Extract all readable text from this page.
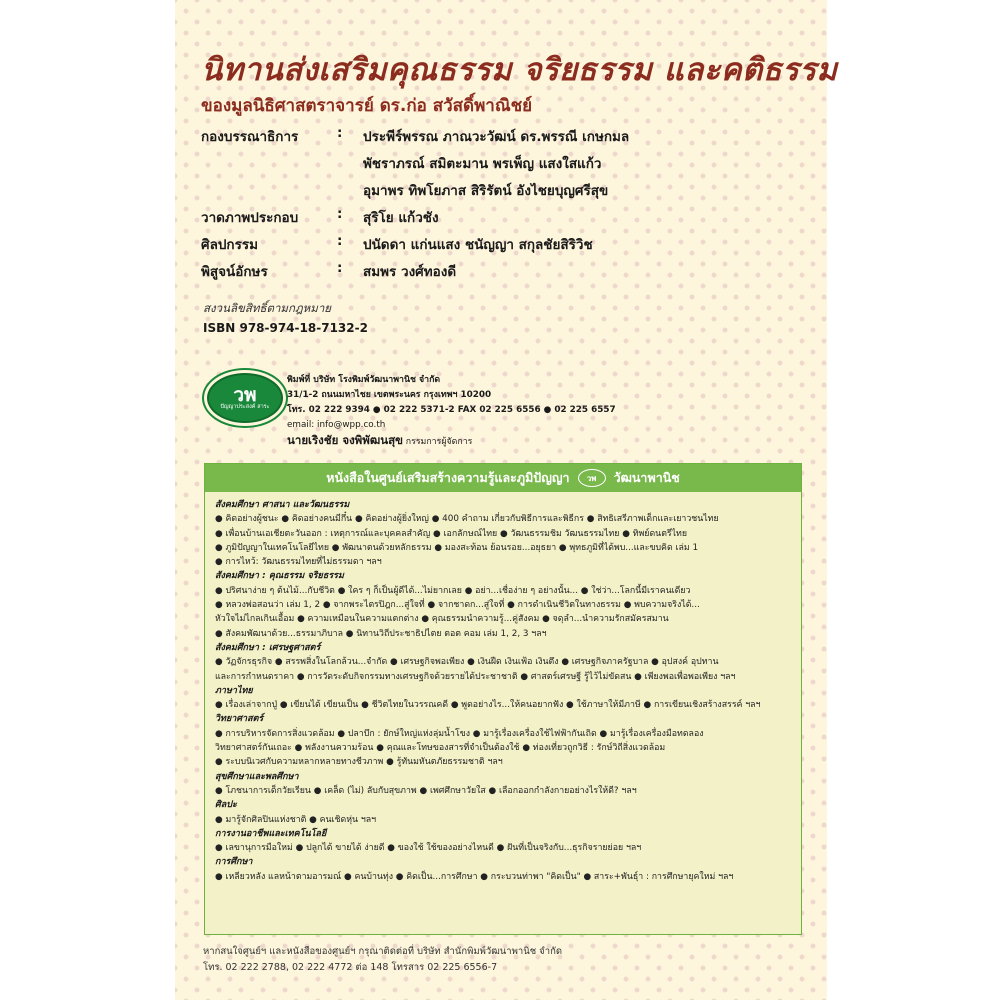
นิทานส่งเสริมคุณธรรม จริยธรรม และคติธรรม
ของมูลนิธิศาสตราจารย์ ดร.ก่อ สวัสดิ์พาณิชย์
กองบรรณาธิการ	: ประพีร์พรรณ ภาณวะวัฒน์ ดร.พรรณี เกษกมล
พัชราภรณ์ สมิตะมาน พรเพ็ญ แสงใสแก้ว
อุมาพร ทิพโยภาส สิริรัตน์ อังไชยบุญศรีสุข
วาดภาพประกอบ	: สุริโย แก้วชัง
ศิลปกรรม	: ปนัดดา แก่นแสง ชนัญญา สกุลชัยสิริวิช
พิสูจน์อักษร	: สมพร วงศ์ทองดี
สงวนลิขสิทธิ์ตามกฎหมาย
ISBN 978-974-18-7132-2
วพ
ปัญญาประสงค์ สาระ
พิมพ์ที่ บริษัท โรงพิมพ์วัฒนาพานิช จำกัด
31/1-2 ถนนมหาไชย เขตพระนคร กรุงเทพฯ 10200
โทร. 02 222 9394 ● 02 222 5371-2 FAX 02 225 6556 ● 02 225 6557
email: info@wpp.co.th
นายเริงชัย จงพิพัฒนสุข กรรมการผู้จัดการ
หนังสือในศูนย์เสริมสร้างความรู้และภูมิปัญญา	วพ	วัฒนาพานิช
สังคมศึกษา ศาสนา และวัฒนธรรม
● คิดอย่างผู้ชนะ ● คิดอย่างคนมีกึ๋น ● คิดอย่างผู้ยิ่งใหญ่ ● 400 คำถาม เกี่ยวกับพิธีการและพิธีกร ● สิทธิเสรีภาพเด็กและเยาวชนไทย
● เพื่อนบ้านเอเชียตะวันออก : เหตุการณ์และบุคคลสำคัญ ● เอกลักษณ์ไทย ● วัฒนธรรมชิม วัฒนธรรมไทย ● ทิพย์ดนตรีไทย
● ภูมิปัญญาในเทคโนโลยีไทย ● พัฒนาตนด้วยหลักธรรม ● มองสะท้อน ย้อนรอย...อยุธยา ● พุทธภูมิที่ได้พบ...และขบคิด เล่ม 1
● การไหว้: วัฒนธรรมไทยที่ไม่ธรรมดา ฯลฯ
สังคมศึกษา : คุณธรรม จริยธรรม
● ปริศนาง่าย ๆ ต้นไม้...กับชีวิต ● ใคร ๆ ก็เป็นผู้ดีได้...ไม่ยากเลย ● อย่า...เชื่อง่าย ๆ อย่างนั้น... ● ใช่ว่า...โลกนี้มีเราคนเดียว
● หลวงพ่อสอนว่า เล่ม 1, 2 ● จากพระไตรปิฎก...สู่ใจที่ ● จากชาดก...สู่ใจที่ ● การดำเนินชีวิตในทางธรรม ● พบความจริงได้...
หัวใจไม่ไกลเกินเอื้อม ● ความเหมือนในความแตกต่าง ● คุณธรรมนำความรู้...คู่สังคม ● จดุลำ...นำความรักสมัครสมาน
● สังคมพัฒนาด้วย...ธรรมาภิบาล ● นิทานวิถีประชาธิปไตย ตอต คอม เล่ม 1, 2, 3 ฯลฯ
สังคมศึกษา : เศรษฐศาสตร์
● วัฏจักรธุรกิจ ● สรรพสิ่งในโลกล้วน...จำกัด ● เศรษฐกิจพอเพียง ● เงินฝืด เงินเฟ้อ เงินตึง ● เศรษฐกิจภาครัฐบาล ● อุปสงค์ อุปทาน
และการกำหนดราคา ● การวัดระดับกิจกรรมทางเศรษฐกิจด้วยรายได้ประชาชาติ ● ศาสตร์เศรษฐี รู้ไว้ไม่ขัดสน ● เพียงพอเพื่อพอเพียง ฯลฯ
ภาษาไทย
● เรื่องเล่าจากปู่ ● เขียนได้ เขียนเป็น ● ชีวิตไทยในวรรณคดี ● พูดอย่างไร...ให้คนอยากฟัง ● ใช้ภาษาให้มีภาษี ● การเขียนเชิงสร้างสรรค์ ฯลฯ
วิทยาศาสตร์
● การบริหารจัดการสิ่งแวดล้อม ● ปลาบึก : ยักษ์ใหญ่แห่งลุ่มน้ำโขง ● มารู้เรื่องเครื่องใช้ไฟฟ้ากันเถิด ● มารู้เรื่องเครื่องมือทดลอง
วิทยาศาสตร์กันเถอะ ● พลังงานความร้อน ● คุณและโทษของสารที่จำเป็นต้องใช้ ● ท่องเที่ยวถูกวิธี : รักษ์วิถีสิ่งแวดล้อม
● ระบบนิเวศกับความหลากหลายทางชีวภาพ ● รู้ทันมหันตภัยธรรมชาติ ฯลฯ
สุขศึกษาและพลศึกษา
● โภชนาการเด็กวัยเรียน ● เคล็ด (ไม่) ลับกับสุขภาพ ● เพศศึกษาวัยใส ● เลือกออกกำลังกายอย่างไรให้ดี? ฯลฯ
ศิลปะ
● มารู้จักศิลปินแห่งชาติ ● คนเชิดหุ่น ฯลฯ
การงานอาชีพและเทคโนโลยี
● เลขานุการมือใหม่ ● ปลูกได้ ขายได้ ง่ายดี ● ของใช้ ใช้ของอย่างไหนดี ● ฝันที่เป็นจริงกับ...ธุรกิจรายย่อย ฯลฯ
การศึกษา
● เหลียวหลัง แลหน้าตามอารมณ์ ● คนบ้านทุ่ง ● คิดเป็น...การศึกษา ● กระบวนท่าพา "คิดเป็น" ● สาระ+พันธุ์า : การศึกษายุคใหม่ ฯลฯ
หากสนใจศูนย์ฯ และหนังสือของศูนย์ฯ กรุณาติดต่อที่ บริษัท สำนักพิมพ์วัฒนาพานิช จำกัด
โทร. 02 222 2788, 02 222 4772 ต่อ 148 โทรสาร 02 225 6556-7
